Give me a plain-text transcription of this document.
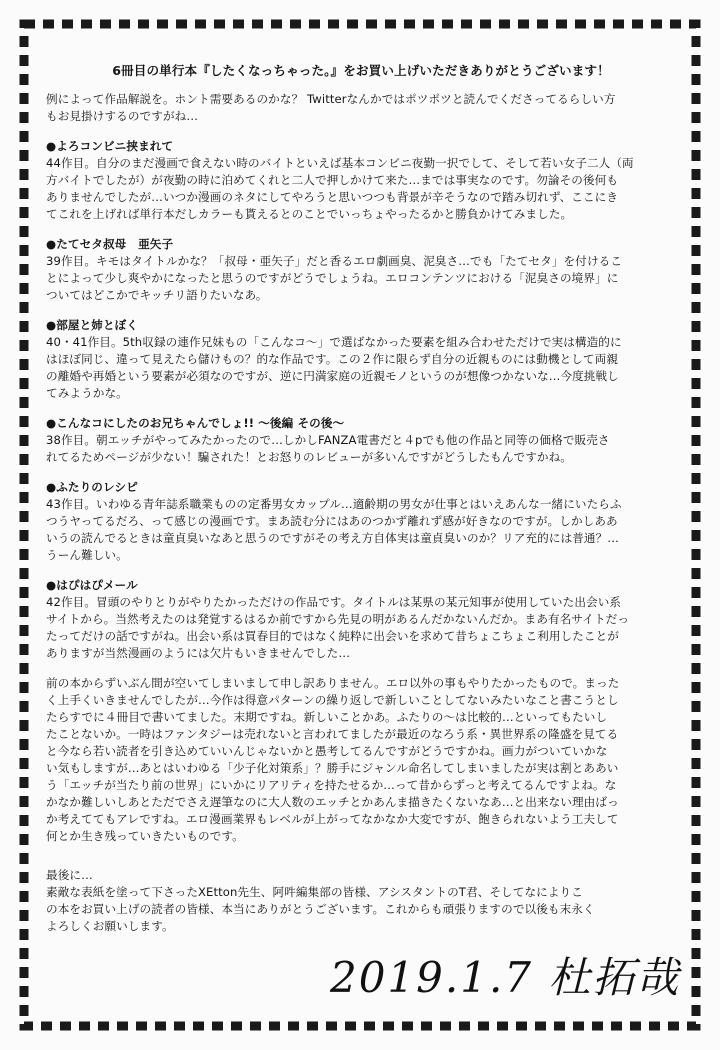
6冊目の単行本『したくなっちゃった。』をお買い上げいただきありがとうございます！
例によって作品解説を。ホント需要あるのかな？ Twitterなんかではポツポツと読んでくださってるらしい方
もお見掛けするのですがね…
●よろコンビニ挟まれて
44作目。自分のまだ漫画で食えない時のバイトといえば基本コンビニ夜勤一択でして、そして若い女子二人（両
方バイトでしたが）が夜勤の時に泊めてくれと二人で押しかけて来た…までは事実なのです。勿論その後何も
ありませんでしたが…いつか漫画のネタにしてやろうと思いつつも背景が辛そうなので踏み切れず、ここにき
てこれを上げれば単行本だしカラーも貰えるとのことでいっちょやったるかと勝負かけてみました。
●たてセタ叔母　亜矢子
39作目。キモはタイトルかな？「叔母・亜矢子」だと香るエロ劇画臭、泥臭さ…でも「たてセタ」を付けるこ
とによって少し爽やかになったと思うのですがどうでしょうね。エロコンテンツにおける「泥臭さの境界」に
ついてはどこかでキッチリ語りたいなあ。
●部屋と姉とぼく
40・41作目。5th収録の連作兄妹もの「こんなコ～」で選ばなかった要素を組み合わせただけで実は構造的に
はほぼ同じ、違って見えたら儲けもの？的な作品です。この２作に限らず自分の近親ものには動機として両親
の離婚や再婚という要素が必須なのですが、逆に円満家庭の近親モノというのが想像つかないな…今度挑戦し
てみようかな。
●こんなコにしたのお兄ちゃんでしょ!! ～後編 その後～
38作目。朝エッチがやってみたかったので…しかしFANZA電書だと４pでも他の作品と同等の価格で販売さ
れてるためページが少ない！騙された！とお怒りのレビューが多いんですがどうしたもんですかね。
●ふたりのレシピ
43作目。いわゆる青年誌系職業ものの定番男女カップル…適齢期の男女が仕事とはいえあんな一緒にいたらふ
つうヤってるだろ、って感じの漫画です。まあ読む分にはあのつかず離れず感が好きなのですが。しかしああ
いうの読んでるときは童貞臭いなあと思うのですがその考え方自体実は童貞臭いのか？リア充的には普通？…
うーん難しい。
●はぴはぴメール
42作目。冒頭のやりとりがやりたかっただけの作品です。タイトルは某県の某元知事が使用していた出会い系
サイトから。当然考えたのは発覚するはるか前ですから先見の明があるんだかないんだか。まあ有名サイトだっ
たってだけの話ですがね。出会い系は買春目的ではなく純粋に出会いを求めて昔ちょこちょこ利用したことが
ありますが当然漫画のようには欠片もいきませんでした…
前の本からずいぶん間が空いてしまいまして申し訳ありません。エロ以外の事もやりたかったもので。まった
く上手くいきませんでしたが…今作は得意パターンの繰り返しで新しいことしてないみたいなこと書こうとし
たらすでに４冊目で書いてました。末期ですね。新しいことかあ。ふたりの～は比較的…といってもたいし
たことないか。一時はファンタジーは売れないと言われてましたが最近のなろう系・異世界系の隆盛を見てる
と今なら若い読者を引き込めていいんじゃないかと愚考してるんですがどうですかね。画力がついていかな
い気もしますが…あとはいわゆる「少子化対策系」？勝手にジャンル命名してしまいましたが実は割とああい
う「エッチが当たり前の世界」にいかにリアリティを持たせるか…って昔からずっと考えてるんですよね。な
かなか難しいしあとただでさえ遅筆なのに大人数のエッチとかあんま描きたくないなあ…と出来ない理由ばっ
か考えててもアレですね。エロ漫画業界もレベルが上がってなかなか大変ですが、飽きられないよう工夫して
何とか生き残っていきたいものです。
最後に…
素敵な表紙を塗って下さったXEtton先生、阿吽編集部の皆様、アシスタントのT君、そしてなによりこ
の本をお買い上げの読者の皆様、本当にありがとうございます。これからも頑張りますので以後も末永く
よろしくお願いします。
2019.1.7 杜拓哉
